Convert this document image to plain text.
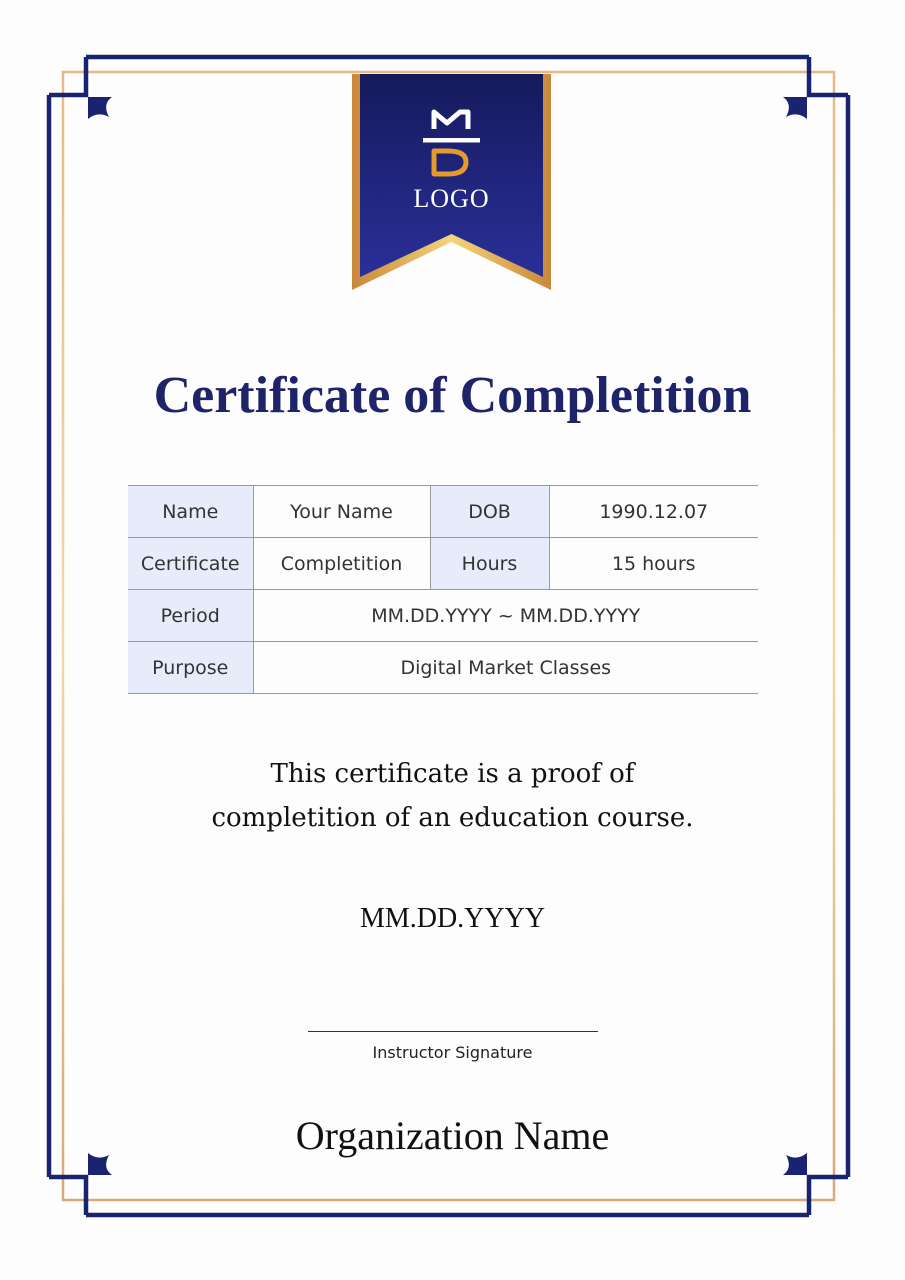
LOGO
Certificate of Completition
Name	Your Name	DOB	1990.12.07
Certificate	Completition	Hours	15 hours
Period	MM.DD.YYYY ~ MM.DD.YYYY		
Purpose	Digital Market Classes		
This certificate is a proof of
completition of an education course.
MM.DD.YYYY
Instructor Signature
Organization Name
